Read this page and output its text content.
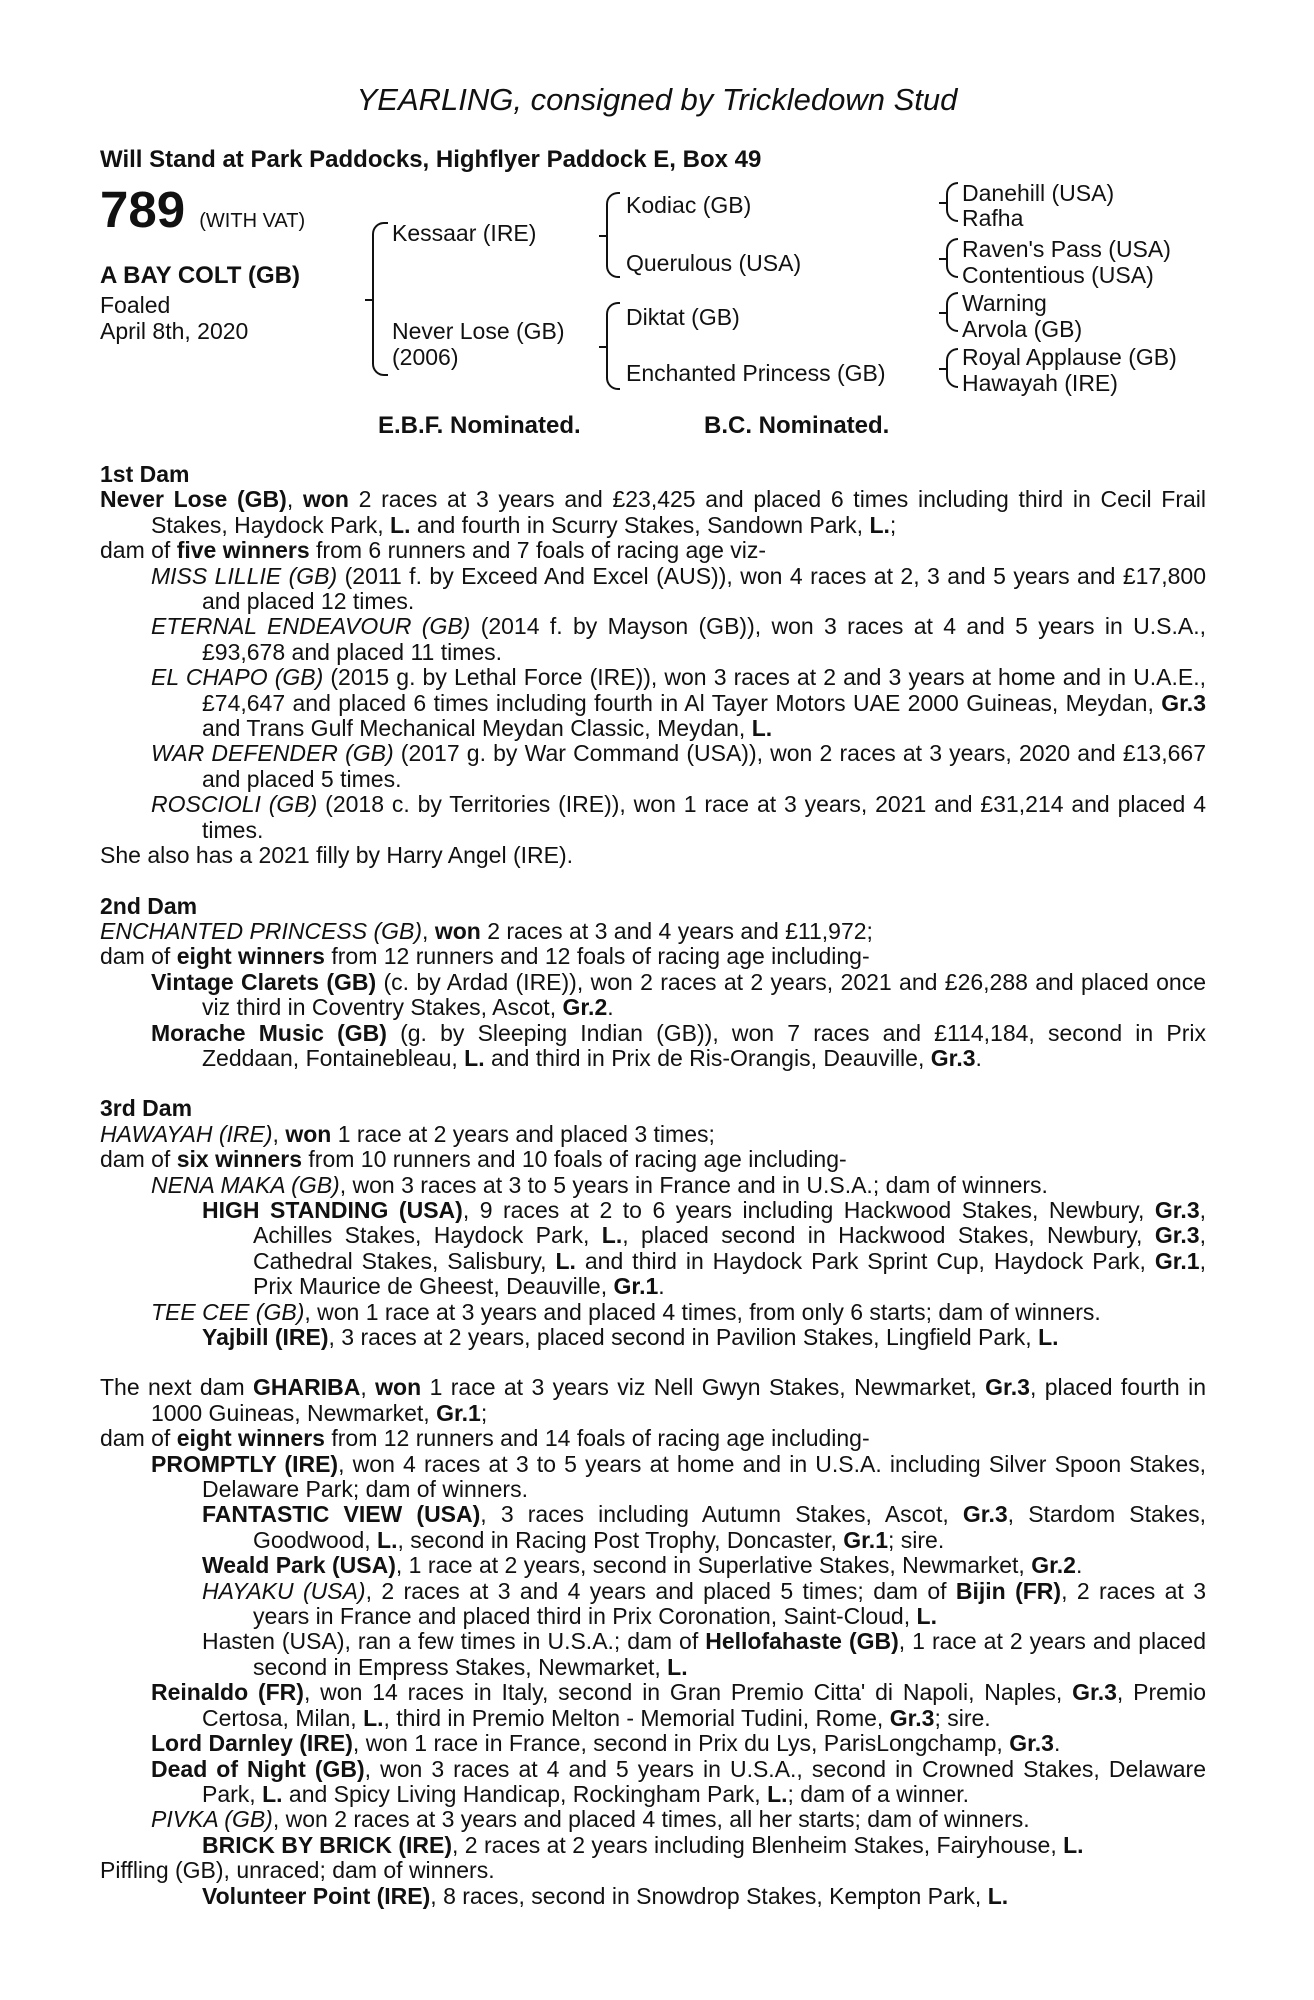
YEARLING, consigned by Trickledown Stud
Will Stand at Park Paddocks, Highflyer Paddock E, Box 49
789 (WITH VAT)
A BAY COLT (GB)
Foaled
April 8th, 2020
Kessaar (IRE)
Never Lose (GB)
(2006)
Kodiac (GB)
Querulous (USA)
Diktat (GB)
Enchanted Princess (GB)
Danehill (USA)
Rafha
Raven's Pass (USA)
Contentious (USA)
Warning
Arvola (GB)
Royal Applause (GB)
Hawayah (IRE)
E.B.F. Nominated.	B.C. Nominated.
1st Dam
Never Lose (GB), won 2 races at 3 years and £23,425 and placed 6 times including third in Cecil Frail Stakes, Haydock Park, L. and fourth in Scurry Stakes, Sandown Park, L.;
dam of five winners from 6 runners and 7 foals of racing age viz-
MISS LILLIE (GB) (2011 f. by Exceed And Excel (AUS)), won 4 races at 2, 3 and 5 years and £17,800 and placed 12 times.
ETERNAL ENDEAVOUR (GB) (2014 f. by Mayson (GB)), won 3 races at 4 and 5 years in U.S.A., £93,678 and placed 11 times.
EL CHAPO (GB) (2015 g. by Lethal Force (IRE)), won 3 races at 2 and 3 years at home and in U.A.E., £74,647 and placed 6 times including fourth in Al Tayer Motors UAE 2000 Guineas, Meydan, Gr.3 and Trans Gulf Mechanical Meydan Classic, Meydan, L.
WAR DEFENDER (GB) (2017 g. by War Command (USA)), won 2 races at 3 years, 2020 and £13,667 and placed 5 times.
ROSCIOLI (GB) (2018 c. by Territories (IRE)), won 1 race at 3 years, 2021 and £31,214 and placed 4 times.
She also has a 2021 filly by Harry Angel (IRE).
2nd Dam
ENCHANTED PRINCESS (GB), won 2 races at 3 and 4 years and £11,972;
dam of eight winners from 12 runners and 12 foals of racing age including-
Vintage Clarets (GB) (c. by Ardad (IRE)), won 2 races at 2 years, 2021 and £26,288 and placed once viz third in Coventry Stakes, Ascot, Gr.2.
Morache Music (GB) (g. by Sleeping Indian (GB)), won 7 races and £114,184, second in Prix Zeddaan, Fontainebleau, L. and third in Prix de Ris-Orangis, Deauville, Gr.3.
3rd Dam
HAWAYAH (IRE), won 1 race at 2 years and placed 3 times;
dam of six winners from 10 runners and 10 foals of racing age including-
NENA MAKA (GB), won 3 races at 3 to 5 years in France and in U.S.A.; dam of winners.
HIGH STANDING (USA), 9 races at 2 to 6 years including Hackwood Stakes, Newbury, Gr.3, Achilles Stakes, Haydock Park, L., placed second in Hackwood Stakes, Newbury, Gr.3, Cathedral Stakes, Salisbury, L. and third in Haydock Park Sprint Cup, Haydock Park, Gr.1, Prix Maurice de Gheest, Deauville, Gr.1.
TEE CEE (GB), won 1 race at 3 years and placed 4 times, from only 6 starts; dam of winners.
Yajbill (IRE), 3 races at 2 years, placed second in Pavilion Stakes, Lingfield Park, L.
The next dam GHARIBA, won 1 race at 3 years viz Nell Gwyn Stakes, Newmarket, Gr.3, placed fourth in 1000 Guineas, Newmarket, Gr.1;
dam of eight winners from 12 runners and 14 foals of racing age including-
PROMPTLY (IRE), won 4 races at 3 to 5 years at home and in U.S.A. including Silver Spoon Stakes, Delaware Park; dam of winners.
FANTASTIC VIEW (USA), 3 races including Autumn Stakes, Ascot, Gr.3, Stardom Stakes, Goodwood, L., second in Racing Post Trophy, Doncaster, Gr.1; sire.
Weald Park (USA), 1 race at 2 years, second in Superlative Stakes, Newmarket, Gr.2.
HAYAKU (USA), 2 races at 3 and 4 years and placed 5 times; dam of Bijin (FR), 2 races at 3 years in France and placed third in Prix Coronation, Saint-Cloud, L.
Hasten (USA), ran a few times in U.S.A.; dam of Hellofahaste (GB), 1 race at 2 years and placed second in Empress Stakes, Newmarket, L.
Reinaldo (FR), won 14 races in Italy, second in Gran Premio Citta' di Napoli, Naples, Gr.3, Premio Certosa, Milan, L., third in Premio Melton - Memorial Tudini, Rome, Gr.3; sire.
Lord Darnley (IRE), won 1 race in France, second in Prix du Lys, ParisLongchamp, Gr.3.
Dead of Night (GB), won 3 races at 4 and 5 years in U.S.A., second in Crowned Stakes, Delaware Park, L. and Spicy Living Handicap, Rockingham Park, L.; dam of a winner.
PIVKA (GB), won 2 races at 3 years and placed 4 times, all her starts; dam of winners.
BRICK BY BRICK (IRE), 2 races at 2 years including Blenheim Stakes, Fairyhouse, L.
Piffling (GB), unraced; dam of winners.
Volunteer Point (IRE), 8 races, second in Snowdrop Stakes, Kempton Park, L.
